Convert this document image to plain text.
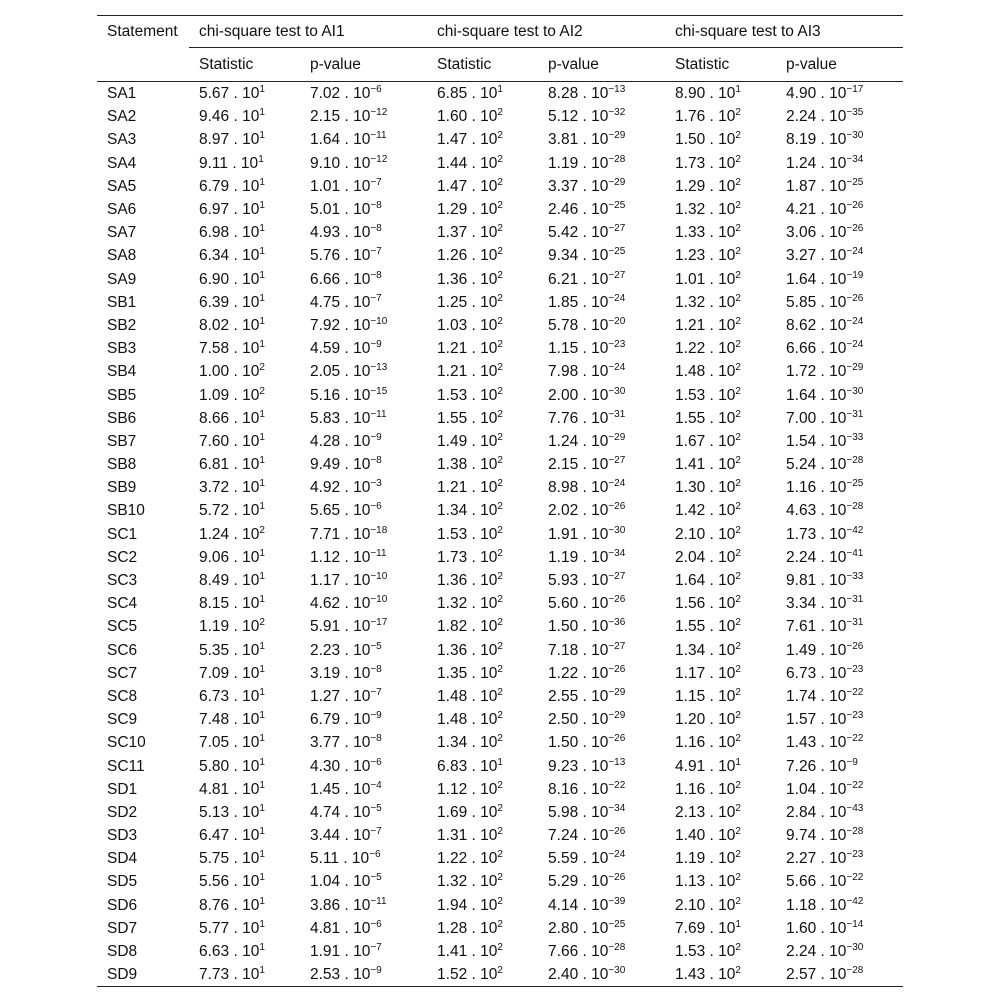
Statement	chi-square test to AI1		chi-square test to AI2		chi-square test to AI3	
	Statistic	p-value	Statistic	p-value	Statistic	p-value
SA1	5.67 . $10^1$	7.02 . $10^{-6}$	6.85 . $10^1$	8.28 . $10^{-13}$	8.90 . $10^1$	4.90 . $10^{-17}$
SA2	9.46 . $10^1$	2.15 . $10^{-12}$	1.60 . $10^2$	5.12 . $10^{-32}$	1.76 . $10^2$	2.24 . $10^{-35}$
SA3	8.97 . $10^1$	1.64 . $10^{-11}$	1.47 . $10^2$	3.81 . $10^{-29}$	1.50 . $10^2$	8.19 . $10^{-30}$
SA4	9.11 . $10^1$	9.10 . $10^{-12}$	1.44 . $10^2$	1.19 . $10^{-28}$	1.73 . $10^2$	1.24 . $10^{-34}$
SA5	6.79 . $10^1$	1.01 . $10^{-7}$	1.47 . $10^2$	3.37 . $10^{-29}$	1.29 . $10^2$	1.87 . $10^{-25}$
SA6	6.97 . $10^1$	5.01 . $10^{-8}$	1.29 . $10^2$	2.46 . $10^{-25}$	1.32 . $10^2$	4.21 . $10^{-26}$
SA7	6.98 . $10^1$	4.93 . $10^{-8}$	1.37 . $10^2$	5.42 . $10^{-27}$	1.33 . $10^2$	3.06 . $10^{-26}$
SA8	6.34 . $10^1$	5.76 . $10^{-7}$	1.26 . $10^2$	9.34 . $10^{-25}$	1.23 . $10^2$	3.27 . $10^{-24}$
SA9	6.90 . $10^1$	6.66 . $10^{-8}$	1.36 . $10^2$	6.21 . $10^{-27}$	1.01 . $10^2$	1.64 . $10^{-19}$
SB1	6.39 . $10^1$	4.75 . $10^{-7}$	1.25 . $10^2$	1.85 . $10^{-24}$	1.32 . $10^2$	5.85 . $10^{-26}$
SB2	8.02 . $10^1$	7.92 . $10^{-10}$	1.03 . $10^2$	5.78 . $10^{-20}$	1.21 . $10^2$	8.62 . $10^{-24}$
SB3	7.58 . $10^1$	4.59 . $10^{-9}$	1.21 . $10^2$	1.15 . $10^{-23}$	1.22 . $10^2$	6.66 . $10^{-24}$
SB4	1.00 . $10^2$	2.05 . $10^{-13}$	1.21 . $10^2$	7.98 . $10^{-24}$	1.48 . $10^2$	1.72 . $10^{-29}$
SB5	1.09 . $10^2$	5.16 . $10^{-15}$	1.53 . $10^2$	2.00 . $10^{-30}$	1.53 . $10^2$	1.64 . $10^{-30}$
SB6	8.66 . $10^1$	5.83 . $10^{-11}$	1.55 . $10^2$	7.76 . $10^{-31}$	1.55 . $10^2$	7.00 . $10^{-31}$
SB7	7.60 . $10^1$	4.28 . $10^{-9}$	1.49 . $10^2$	1.24 . $10^{-29}$	1.67 . $10^2$	1.54 . $10^{-33}$
SB8	6.81 . $10^1$	9.49 . $10^{-8}$	1.38 . $10^2$	2.15 . $10^{-27}$	1.41 . $10^2$	5.24 . $10^{-28}$
SB9	3.72 . $10^1$	4.92 . $10^{-3}$	1.21 . $10^2$	8.98 . $10^{-24}$	1.30 . $10^2$	1.16 . $10^{-25}$
SB10	5.72 . $10^1$	5.65 . $10^{-6}$	1.34 . $10^2$	2.02 . $10^{-26}$	1.42 . $10^2$	4.63 . $10^{-28}$
SC1	1.24 . $10^2$	7.71 . $10^{-18}$	1.53 . $10^2$	1.91 . $10^{-30}$	2.10 . $10^2$	1.73 . $10^{-42}$
SC2	9.06 . $10^1$	1.12 . $10^{-11}$	1.73 . $10^2$	1.19 . $10^{-34}$	2.04 . $10^2$	2.24 . $10^{-41}$
SC3	8.49 . $10^1$	1.17 . $10^{-10}$	1.36 . $10^2$	5.93 . $10^{-27}$	1.64 . $10^2$	9.81 . $10^{-33}$
SC4	8.15 . $10^1$	4.62 . $10^{-10}$	1.32 . $10^2$	5.60 . $10^{-26}$	1.56 . $10^2$	3.34 . $10^{-31}$
SC5	1.19 . $10^2$	5.91 . $10^{-17}$	1.82 . $10^2$	1.50 . $10^{-36}$	1.55 . $10^2$	7.61 . $10^{-31}$
SC6	5.35 . $10^1$	2.23 . $10^{-5}$	1.36 . $10^2$	7.18 . $10^{-27}$	1.34 . $10^2$	1.49 . $10^{-26}$
SC7	7.09 . $10^1$	3.19 . $10^{-8}$	1.35 . $10^2$	1.22 . $10^{-26}$	1.17 . $10^2$	6.73 . $10^{-23}$
SC8	6.73 . $10^1$	1.27 . $10^{-7}$	1.48 . $10^2$	2.55 . $10^{-29}$	1.15 . $10^2$	1.74 . $10^{-22}$
SC9	7.48 . $10^1$	6.79 . $10^{-9}$	1.48 . $10^2$	2.50 . $10^{-29}$	1.20 . $10^2$	1.57 . $10^{-23}$
SC10	7.05 . $10^1$	3.77 . $10^{-8}$	1.34 . $10^2$	1.50 . $10^{-26}$	1.16 . $10^2$	1.43 . $10^{-22}$
SC11	5.80 . $10^1$	4.30 . $10^{-6}$	6.83 . $10^1$	9.23 . $10^{-13}$	4.91 . $10^1$	7.26 . $10^{-9}$
SD1	4.81 . $10^1$	1.45 . $10^{-4}$	1.12 . $10^2$	8.16 . $10^{-22}$	1.16 . $10^2$	1.04 . $10^{-22}$
SD2	5.13 . $10^1$	4.74 . $10^{-5}$	1.69 . $10^2$	5.98 . $10^{-34}$	2.13 . $10^2$	2.84 . $10^{-43}$
SD3	6.47 . $10^1$	3.44 . $10^{-7}$	1.31 . $10^2$	7.24 . $10^{-26}$	1.40 . $10^2$	9.74 . $10^{-28}$
SD4	5.75 . $10^1$	5.11 . $10^{-6}$	1.22 . $10^2$	5.59 . $10^{-24}$	1.19 . $10^2$	2.27 . $10^{-23}$
SD5	5.56 . $10^1$	1.04 . $10^{-5}$	1.32 . $10^2$	5.29 . $10^{-26}$	1.13 . $10^2$	5.66 . $10^{-22}$
SD6	8.76 . $10^1$	3.86 . $10^{-11}$	1.94 . $10^2$	4.14 . $10^{-39}$	2.10 . $10^2$	1.18 . $10^{-42}$
SD7	5.77 . $10^1$	4.81 . $10^{-6}$	1.28 . $10^2$	2.80 . $10^{-25}$	7.69 . $10^1$	1.60 . $10^{-14}$
SD8	6.63 . $10^1$	1.91 . $10^{-7}$	1.41 . $10^2$	7.66 . $10^{-28}$	1.53 . $10^2$	2.24 . $10^{-30}$
SD9	7.73 . $10^1$	2.53 . $10^{-9}$	1.52 . $10^2$	2.40 . $10^{-30}$	1.43 . $10^2$	2.57 . $10^{-28}$
